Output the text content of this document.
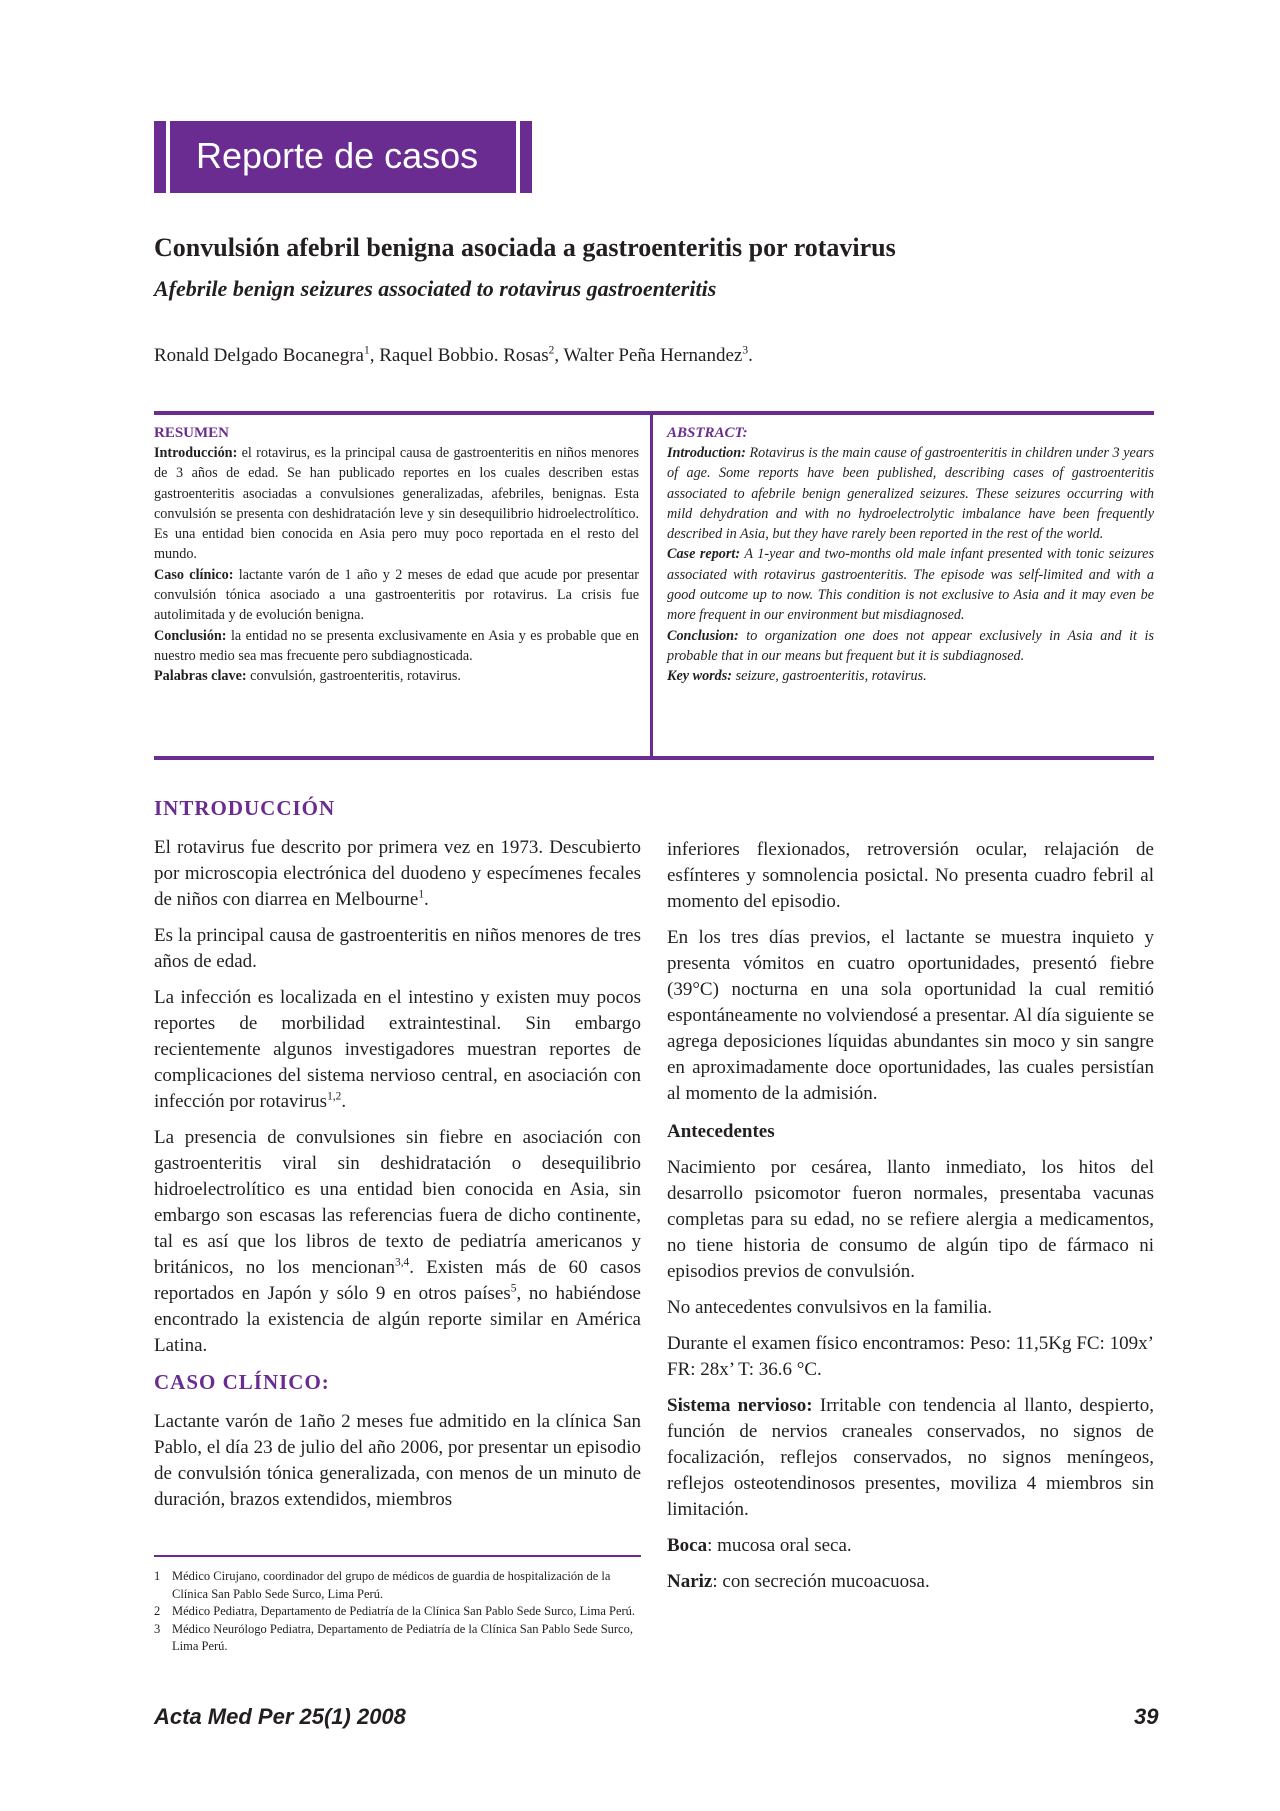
Reporte de casos
Convulsión afebril benigna asociada a gastroenteritis por rotavirus
Afebrile benign seizures associated to rotavirus gastroenteritis
Ronald Delgado Bocanegra$^1$, Raquel Bobbio. Rosas$^2$, Walter Peña Hernandez$^3$.
RESUMEN

Introducción: el rotavirus, es la principal causa de gastroenteritis en niños menores de 3 años de edad. Se han publicado reportes en los cuales describen estas gastroenteritis asociadas a convulsiones generalizadas, afebriles, benignas. Esta convulsión se presenta con deshidratación leve y sin desequilibrio hidroelectrolítico. Es una entidad bien conocida en Asia pero muy poco reportada en el resto del mundo.

Caso clínico: lactante varón de 1 año y 2 meses de edad que acude por presentar convulsión tónica asociado a una gastroenteritis por rotavirus. La crisis fue autolimitada y de evolución benigna.

Conclusión: la entidad no se presenta exclusivamente en Asia y es probable que en nuestro medio sea mas frecuente pero subdiagnosticada.

Palabras clave: convulsión, gastroenteritis, rotavirus.

ABSTRACT:

Introduction: Rotavirus is the main cause of gastroenteritis in children under 3 years of age. Some reports have been published, describing cases of gastroenteritis associated to afebrile benign generalized seizures. These seizures occurring with mild dehydration and with no hydroelectrolytic imbalance have been frequently described in Asia, but they have rarely been reported in the rest of the world.

Case report: A 1-year and two-months old male infant presented with tonic seizures associated with rotavirus gastroenteritis. The episode was self-limited and with a good outcome up to now. This condition is not exclusive to Asia and it may even be more frequent in our environment but misdiagnosed.

Conclusion: to organization one does not appear exclusively in Asia and it is probable that in our means but frequent but it is subdiagnosed.

Key words: seizure, gastroenteritis, rotavirus.

INTRODUCCIÓN

El rotavirus fue descrito por primera vez en 1973. Descubierto por microscopia electrónica del duodeno y especímenes fecales de niños con diarrea en Melbourne$^1$.

Es la principal causa de gastroenteritis en niños menores de tres años de edad.

La infección es localizada en el intestino y existen muy pocos reportes de morbilidad extraintestinal. Sin embargo recientemente algunos investigadores muestran reportes de complicaciones del sistema nervioso central, en asociación con infección por rotavirus$^{1,2}$.

La presencia de convulsiones sin fiebre en asociación con gastroenteritis viral sin deshidratación o desequilibrio hidroelectrolítico es una entidad bien conocida en Asia, sin embargo son escasas las referencias fuera de dicho continente, tal es así que los libros de texto de pediatría americanos y británicos, no los mencionan$^{3,4}$. Existen más de 60 casos reportados en Japón y sólo 9 en otros países$^5$, no habiéndose encontrado la existencia de algún reporte similar en América Latina.

CASO CLÍNICO:

Lactante varón de 1año 2 meses fue admitido en la clínica San Pablo, el día 23 de julio del año 2006, por presentar un episodio de convulsión tónica generalizada, con menos de un minuto de duración, brazos extendidos, miembros

1 Médico Cirujano, coordinador del grupo de médicos de guardia de hospitalización de la Clínica San Pablo Sede Surco, Lima Perú.
2 Médico Pediatra, Departamento de Pediatría de la Clínica San Pablo Sede Surco, Lima Perú.
3 Médico Neurólogo Pediatra, Departamento de Pediatría de la Clínica San Pablo Sede Surco, Lima Perú.

inferiores flexionados, retroversión ocular, relajación de esfínteres y somnolencia posictal. No presenta cuadro febril al momento del episodio.

En los tres días previos, el lactante se muestra inquieto y presenta vómitos en cuatro oportunidades, presentó fiebre (39°C) nocturna en una sola oportunidad la cual remitió espontáneamente no volviendosé a presentar. Al día siguiente se agrega deposiciones líquidas abundantes sin moco y sin sangre en aproximadamente doce oportunidades, las cuales persistían al momento de la admisión.

Antecedentes

Nacimiento por cesárea, llanto inmediato, los hitos del desarrollo psicomotor fueron normales, presentaba vacunas completas para su edad, no se refiere alergia a medicamentos, no tiene historia de consumo de algún tipo de fármaco ni episodios previos de convulsión.

No antecedentes convulsivos en la familia.

Durante el examen físico encontramos: Peso: 11,5Kg FC: 109x’ FR: 28x’ T: 36.6 °C.

Sistema nervioso: Irritable con tendencia al llanto, despierto, función de nervios craneales conservados, no signos de focalización, reflejos conservados, no signos meníngeos, reflejos osteotendinosos presentes, moviliza 4 miembros sin limitación.

Boca: mucosa oral seca.

Nariz: con secreción mucoacuosa.

Acta Med Per 25(1) 2008	39
